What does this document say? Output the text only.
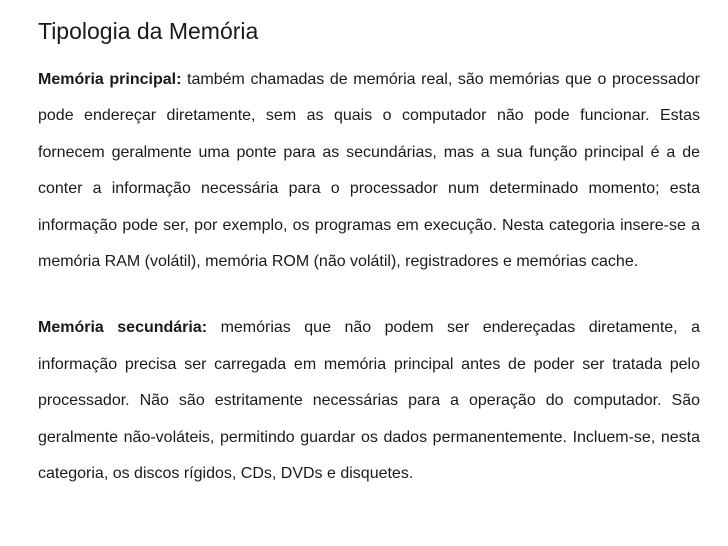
Tipologia da Memória

Memória principal: também chamadas de memória real, são memórias que o processador pode endereçar diretamente, sem as quais o computador não pode funcionar. Estas fornecem geralmente uma ponte para as secundárias, mas a sua função principal é a de conter a informação necessária para o processador num determinado momento; esta informação pode ser, por exemplo, os programas em execução. Nesta categoria insere-se a memória RAM (volátil), memória ROM (não volátil), registradores e memórias cache.

Memória secundária: memórias que não podem ser endereçadas diretamente, a informação precisa ser carregada em memória principal antes de poder ser tratada pelo processador. Não são estritamente necessárias para a operação do computador. São geralmente não-voláteis, permitindo guardar os dados permanentemente. Incluem-se, nesta categoria, os discos rígidos, CDs, DVDs e disquetes.
